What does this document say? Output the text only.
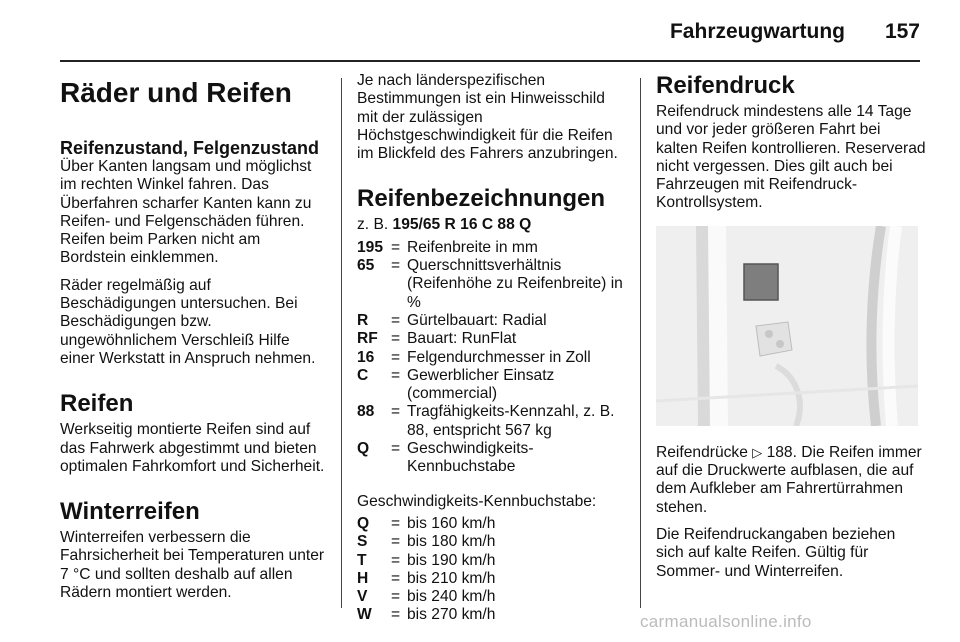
Fahrzeugwartung 157
Räder und Reifen
Reifenzustand, Felgenzustand

Über Kanten langsam und möglichst im rechten Winkel fahren. Das Überfahren scharfer Kanten kann zu Reifen- und Felgenschäden führen. Reifen beim Parken nicht am Bordstein einklemmen.

Räder regelmäßig auf Beschädigungen untersuchen. Bei Beschädigungen bzw. ungewöhnlichem Verschleiß Hilfe einer Werkstatt in Anspruch nehmen.

Reifen

Werkseitig montierte Reifen sind auf das Fahrwerk abgestimmt und bieten optimalen Fahrkomfort und Sicherheit.

Winterreifen

Winterreifen verbessern die Fahrsicherheit bei Temperaturen unter 7 °C und sollten deshalb auf allen Rädern montiert werden.

Je nach länderspezifischen Bestimmungen ist ein Hinweisschild mit der zulässigen Höchstgeschwindigkeit für die Reifen im Blickfeld des Fahrers anzubringen.

Reifenbezeichnungen

z. B. 195/65 R 16 C 88 Q

195	=	Reifenbreite in mm
65	=	Querschnittsverhältnis (Reifenhöhe zu Reifenbreite) in %
R	=	Gürtelbauart: Radial
RF	=	Bauart: RunFlat
16	=	Felgendurchmesser in Zoll
C	=	Gewerblicher Einsatz (commercial)
88	=	Tragfähigkeits-Kennzahl, z. B. 88, entspricht 567 kg
Q	=	Geschwindigkeits-Kennbuchstabe

Geschwindigkeits-Kennbuchstabe:

Q	=	bis 160 km/h
S	=	bis 180 km/h
T	=	bis 190 km/h
H	=	bis 210 km/h
V	=	bis 240 km/h
W	=	bis 270 km/h
Reifendruck

Reifendruck mindestens alle 14 Tage und vor jeder größeren Fahrt bei kalten Reifen kontrollieren. Reserverad nicht vergessen. Dies gilt auch bei Fahrzeugen mit Reifendruck-Kontrollsystem.

Reifendrücke ▷ 188. Die Reifen immer auf die Druckwerte aufblasen, die auf dem Aufkleber am Fahrertürrahmen stehen.

Die Reifendruckangaben beziehen sich auf kalte Reifen. Gültig für Sommer- und Winterreifen.

carmanualsonline.info
